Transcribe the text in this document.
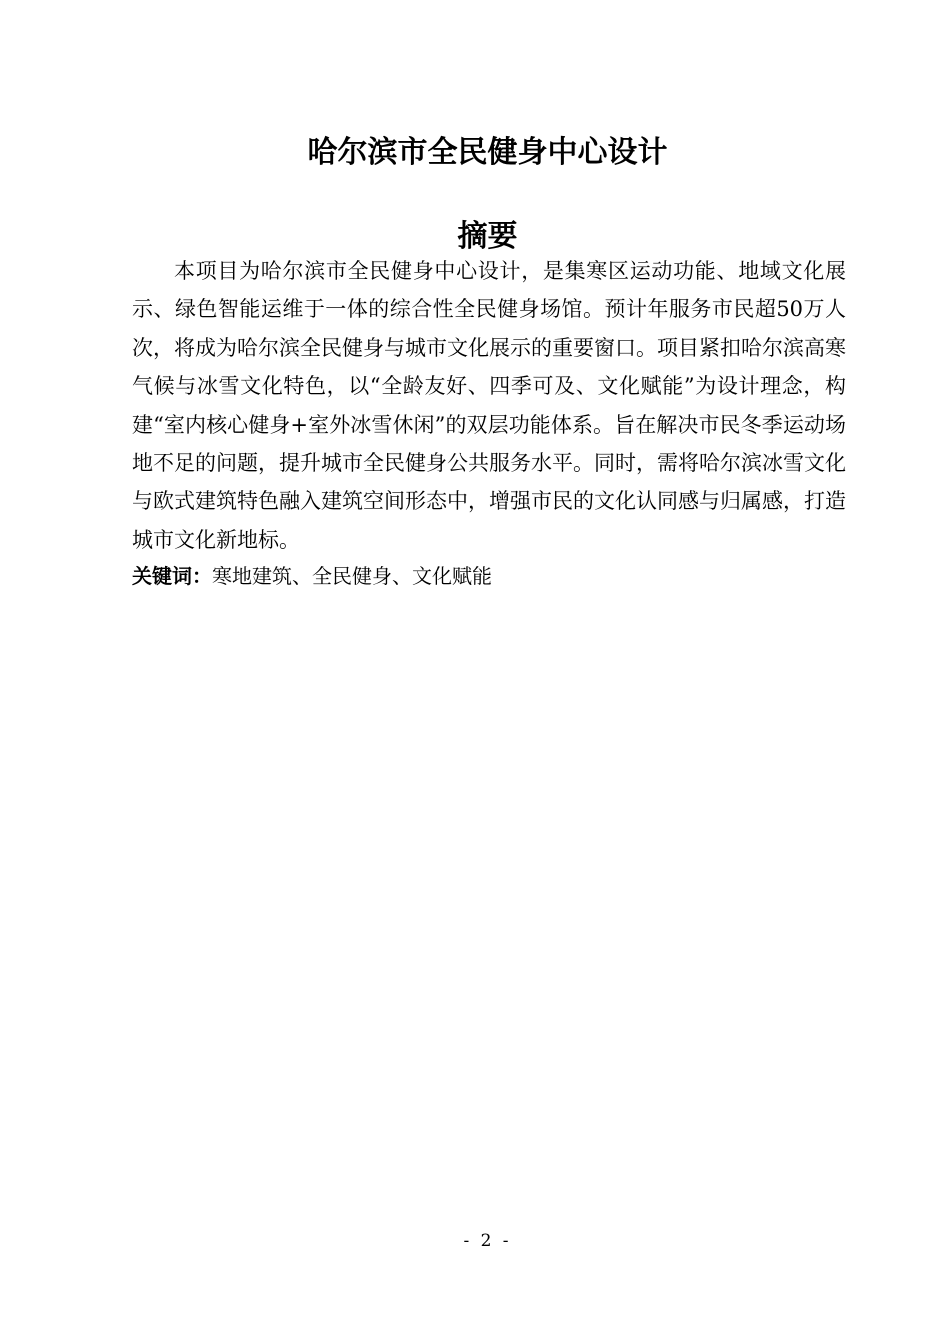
哈尔滨市全民健身中心设计
摘要

本项目为哈尔滨市全民健身中心设计，是集寒区运动功能、地域文化展示、绿色智能运维于一体的综合性全民健身场馆。预计年服务市民超50万人次，将成为哈尔滨全民健身与城市文化展示的重要窗口。项目紧扣哈尔滨高寒气候与冰雪文化特色，以“全龄友好、四季可及、文化赋能”为设计理念，构建“室内核心健身+室外冰雪休闲”的双层功能体系。旨在解决市民冬季运动场地不足的问题，提升城市全民健身公共服务水平。同时，需将哈尔滨冰雪文化与欧式建筑特色融入建筑空间形态中，增强市民的文化认同感与归属感，打造城市文化新地标。

关键词：寒地建筑、全民健身、文化赋能

- 2 -
